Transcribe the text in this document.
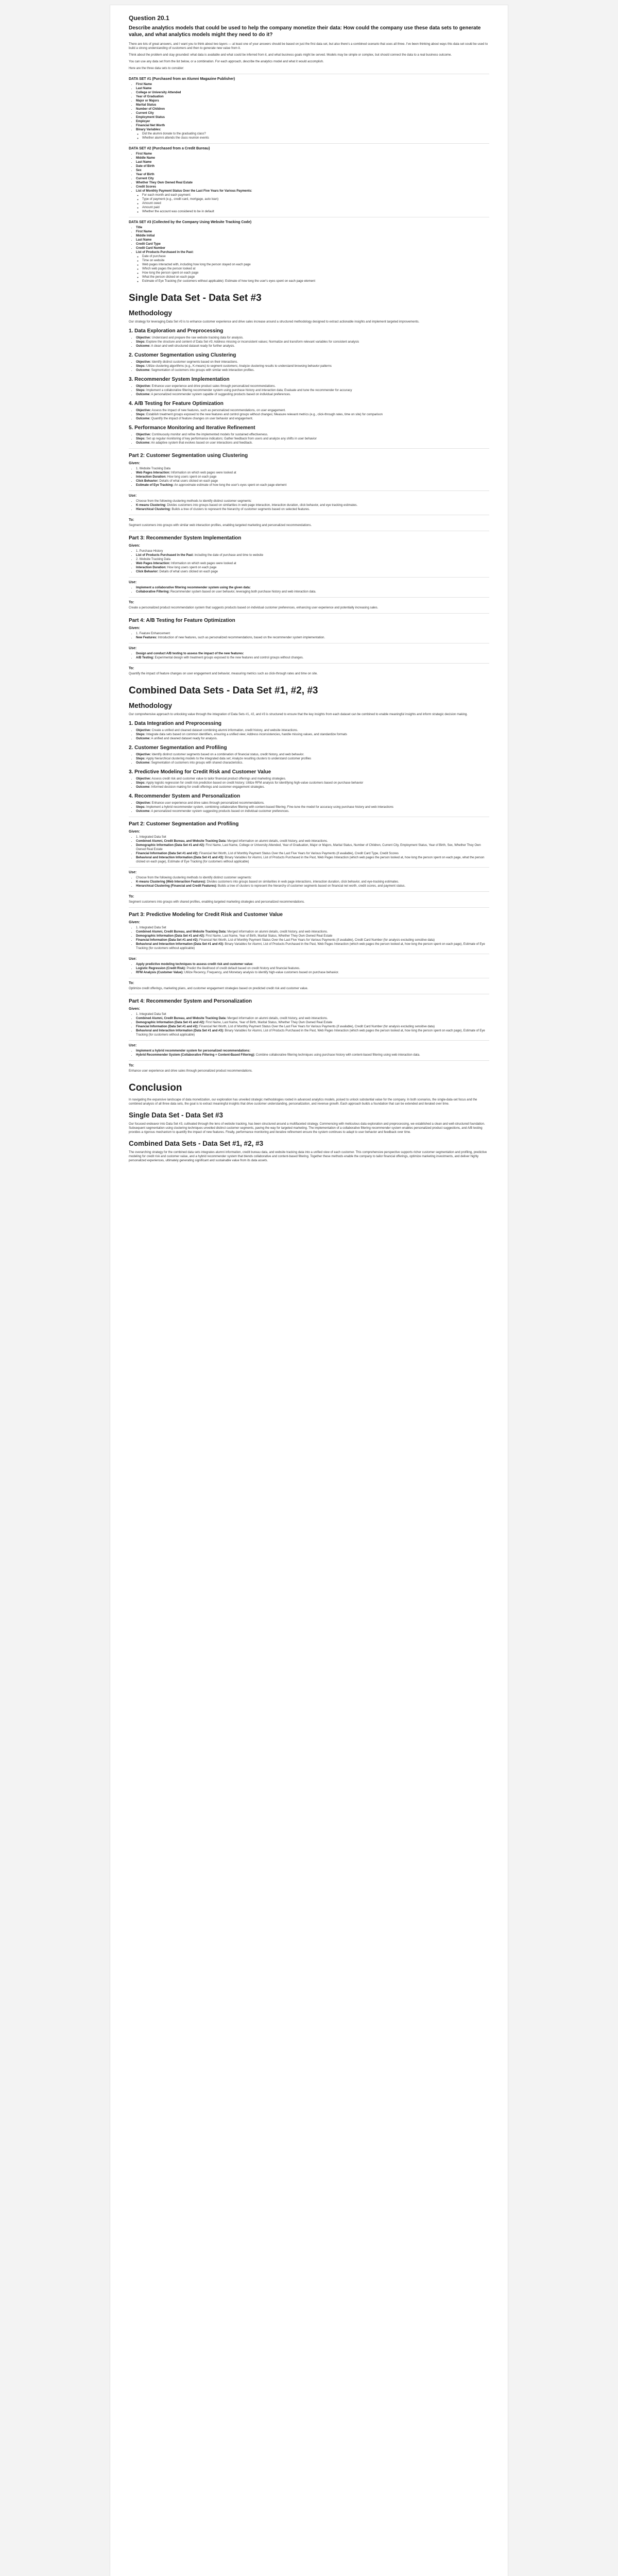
Question 20.1
Describe analytics models that could be used to help the company monetize their data: How could the company use these data sets to generate value, and what analytics models might they need to do it?

There are lots of great answers, and I want you to think about two layers — at least one of your answers should be based on just the first data set, but also there's a combined scenario that uses all three. I've been thinking about ways this data set could be used to build a strong understanding of customers and then to generate new value from it.

Think about the problem and stay grounded: what data is available and what could be inferred from it, and what business goals might be served. Models may be simple or complex, but should connect the data to a real business outcome.

You can use any data set from the list below, or a combination. For each approach, describe the analytics model and what it would accomplish.

Here are the three data sets to consider:

DATA SET #1 (Purchased from an Alumni Magazine Publisher)
• First Name
• Last Name
• College or University Attended
• Year of Graduation
• Major or Majors
• Marital Status
• Number of Children
• Current City
• Employment Status
• Employer
• Financial Net Worth
• Binary Variables:
◦ Did the alumni donate to the graduating class?
◦ Whether alumni attends the class reunion events
DATA SET #2 (Purchased from a Credit Bureau)
• First Name
• Middle Name
• Last Name
• Date of Birth
• Sex
• Year of Birth
• Current City
• Whether They Own Owned Real Estate
• Credit Scores
• List of Monthly Payment Status Over the Last Five Years for Various Payments:
◦ For each month and each payment:
◦ Type of payment (e.g., credit card, mortgage, auto loan)
◦ Amount owed
◦ Amount paid
◦ Whether the account was considered to be in default
DATA SET #3 (Collected by the Company Using Website Tracking Code)
• Title
• First Name
• Middle Initial
• Last Name
• Credit Card Type
• Credit Card Number
• List of Products Purchased in the Past:
◦ Date of purchase
◦ Time on website
◦ Web pages interacted with, including how long the person stayed on each page
◦ Which web pages the person looked at
◦ How long the person spent on each page
◦ What the person clicked on each page
◦ Estimate of Eye Tracking (for customers without applicable): Estimate of how long the user's eyes spent on each page element
Single Data Set - Data Set #3
Methodology

Our strategy for leveraging Data Set #3 is to enhance customer experience and drive sales increase around a structured methodology designed to extract actionable insights and implement targeted improvements.

1. Data Exploration and Preprocessing
• Objective: Understand and prepare the raw website tracking data for analysis.
• Steps: Explore the structure and content of Data Set #3; Address missing or inconsistent values; Normalize and transform relevant variables for consistent analysis
• Outcome: A clean and well-structured dataset ready for further analysis.
2. Customer Segmentation using Clustering
• Objective: Identify distinct customer segments based on their interactions.
• Steps: Utilize clustering algorithms (e.g., K-means) to segment customers; Analyze clustering results to understand browsing behavior patterns
• Outcome: Segmentation of customers into groups with similar web interaction profiles.
3. Recommender System Implementation
• Objective: Enhance user experience and drive product sales through personalized recommendations.
• Steps: Implement a collaborative filtering recommender system using purchase history and interaction data; Evaluate and tune the recommender for accuracy
• Outcome: A personalized recommender system capable of suggesting products based on individual preferences.
4. A/B Testing for Feature Optimization
• Objective: Assess the impact of new features, such as personalized recommendations, on user engagement.
• Steps: Establish treatment groups exposed to the new features and control groups without changes; Measure relevant metrics (e.g., click-through rates, time on site) for comparison
• Outcome: Quantify the impact of feature changes on user behavior and engagement.
5. Performance Monitoring and Iterative Refinement
• Objective: Continuously monitor and refine the implemented models for sustained effectiveness.
• Steps: Set up regular monitoring of key performance indicators; Gather feedback from users and analyze any shifts in user behavior
• Outcome: An adaptive system that evolves based on user interactions and feedback.
Part 2: Customer Segmentation using Clustering
Given:
• 1. Website Tracking Data
• Web Pages Interaction: Information on which web pages were looked at
• Interaction Duration: How long users spent on each page
• Click Behavior: Details of what users clicked on each page
• Estimate of Eye Tracking: An approximate estimate of how long the user's eyes spent on each page element
Use:
• Choose from the following clustering methods to identify distinct customer segments:
• K-means Clustering: Divides customers into groups based on similarities in web page interaction, interaction duration, click behavior, and eye tracking estimates.
• Hierarchical Clustering: Builds a tree of clusters to represent the hierarchy of customer segments based on selected features.
To:

Segment customers into groups with similar web interaction profiles, enabling targeted marketing and personalized recommendations.

Part 3: Recommender System Implementation
Given:
• 1. Purchase History
• List of Products Purchased in the Past: including the date of purchase and time to website
• 2. Website Tracking Data
• Web Pages Interaction: Information on which web pages were looked at
• Interaction Duration: How long users spent on each page
• Click Behavior: Details of what users clicked on each page
Use:
• Implement a collaborative filtering recommender system using the given data:
• Collaborative Filtering: Recommender system based on user behavior, leveraging both purchase history and web interaction data.
To:

Create a personalized product recommendation system that suggests products based on individual customer preferences, enhancing user experience and potentially increasing sales.

Part 4: A/B Testing for Feature Optimization
Given:
• 1. Feature Enhancement
• New Features: Introduction of new features, such as personalized recommendations, based on the recommender system implementation.
Use:
• Design and conduct A/B testing to assess the impact of the new features:
• A/B Testing: Experimental design with treatment groups exposed to the new features and control groups without changes.
To:

Quantify the impact of feature changes on user engagement and behavior, measuring metrics such as click-through rates and time on site.

Combined Data Sets - Data Set #1, #2, #3
Methodology

Our comprehensive approach to unlocking value through the integration of Data Sets #1, #2, and #3 is structured to ensure that the key insights from each dataset can be combined to enable meaningful insights and inform strategic decision making.

1. Data Integration and Preprocessing
• Objective: Create a unified and cleaned dataset combining alumni information, credit history, and website interactions.
• Steps: Integrate data sets based on common identifiers, ensuring a unified view; Address inconsistencies, handle missing values, and standardize formats
• Outcome: A unified and cleaned dataset ready for analysis.
2. Customer Segmentation and Profiling
• Objective: Identify distinct customer segments based on a combination of financial status, credit history, and web behavior.
• Steps: Apply hierarchical clustering models to the integrated data set; Analyze resulting clusters to understand customer profiles
• Outcome: Segmentation of customers into groups with shared characteristics.
3. Predictive Modeling for Credit Risk and Customer Value
• Objective: Assess credit risk and customer value to tailor financial product offerings and marketing strategies.
• Steps: Apply logistic regression for credit risk prediction based on credit history; Utilize RFM analysis for identifying high-value customers based on purchase behavior
• Outcome: Informed decision making for credit offerings and customer engagement strategies.
4. Recommender System and Personalization
• Objective: Enhance user experience and drive sales through personalized recommendations.
• Steps: Implement a hybrid recommender system, combining collaborative filtering with content-based filtering; Fine-tune the model for accuracy using purchase history and web interactions
• Outcome: A personalized recommender system suggesting products based on individual customer preferences.
Part 2: Customer Segmentation and Profiling
Given:
• 1. Integrated Data Set
• Combined Alumni, Credit Bureau, and Website Tracking Data: Merged information on alumni details, credit history, and web interactions.
• Demographic Information (Data Set #1 and #2): First Name, Last Name, College or University Attended, Year of Graduation, Major or Majors, Marital Status, Number of Children, Current City, Employment Status, Year of Birth, Sex, Whether They Own Owned Real Estate
• Financial Information (Data Set #1 and #2): Financial Net Worth, List of Monthly Payment Status Over the Last Five Years for Various Payments (if available), Credit Card Type, Credit Scores
• Behavioral and Interaction Information (Data Set #1 and #3): Binary Variables for Alumni, List of Products Purchased in the Past, Web Pages Interaction (which web pages the person looked at, how long the person spent on each page, what the person clicked on each page), Estimate of Eye Tracking (for customers without applicable)
Use:
• Choose from the following clustering methods to identify distinct customer segments:
• K-means Clustering (Web Interaction Features): Divides customers into groups based on similarities in web page interactions, interaction duration, click behavior, and eye-tracking estimates.
• Hierarchical Clustering (Financial and Credit Features): Builds a tree of clusters to represent the hierarchy of customer segments based on financial net worth, credit scores, and payment status.
To:

Segment customers into groups with shared profiles, enabling targeted marketing strategies and personalized recommendations.

Part 3: Predictive Modeling for Credit Risk and Customer Value
Given:
• 1. Integrated Data Set
• Combined Alumni, Credit Bureau, and Website Tracking Data: Merged information on alumni details, credit history, and web interactions.
• Demographic Information (Data Set #1 and #2): First Name, Last Name, Year of Birth, Marital Status, Whether They Own Owned Real Estate
• Financial Information (Data Set #1 and #2): Financial Net Worth, List of Monthly Payment Status Over the Last Five Years for Various Payments (if available), Credit Card Number (for analysis excluding sensitive data)
• Behavioral and Interaction Information (Data Set #1 and #3): Binary Variables for Alumni, List of Products Purchased in the Past, Web Pages Interaction (which web pages the person looked at, how long the person spent on each page), Estimate of Eye Tracking (for customers without applicable)
Use:
• Apply predictive modeling techniques to assess credit risk and customer value:
• Logistic Regression (Credit Risk): Predict the likelihood of credit default based on credit history and financial features.
• RFM Analysis (Customer Value): Utilize Recency, Frequency, and Monetary analysis to identify high-value customers based on purchase behavior.
To:

Optimize credit offerings, marketing plans, and customer engagement strategies based on predicted credit risk and customer value.

Part 4: Recommender System and Personalization
Given:
• 1. Integrated Data Set
• Combined Alumni, Credit Bureau, and Website Tracking Data: Merged information on alumni details, credit history, and web interactions.
• Demographic Information (Data Set #1 and #2): First Name, Last Name, Year of Birth, Marital Status, Whether They Own Owned Real Estate
• Financial Information (Data Set #1 and #2): Financial Net Worth, List of Monthly Payment Status Over the Last Five Years for Various Payments (if available), Credit Card Number (for analysis excluding sensitive data)
• Behavioral and Interaction Information (Data Set #1 and #3): Binary Variables for Alumni, List of Products Purchased in the Past, Web Pages Interaction (which web pages the person looked at, how long the person spent on each page), Estimate of Eye Tracking (for customers without applicable)
Use:
• Implement a hybrid recommender system for personalized recommendations:
• Hybrid Recommender System (Collaborative Filtering + Content-Based Filtering): Combine collaborative filtering techniques using purchase history with content-based filtering using web interaction data.
To:

Enhance user experience and drive sales through personalized product recommendations.

Conclusion

In navigating the expansive landscape of data monetization, our exploration has unveiled strategic methodologies rooted in advanced analytics models, poised to unlock substantial value for the company. In both scenarios, the single-data-set focus and the combined analysis of all three data sets, the goal is to extract meaningful insights that drive customer understanding, personalization, and revenue growth. Each approach builds a foundation that can be extended and iterated over time.

Single Data Set - Data Set #3

Our focused endeavor into Data Set #3, cultivated through the lens of website tracking, has been structured around a multifaceted strategy. Commencing with meticulous data exploration and preprocessing, we established a clean and well-structured foundation. Subsequent segmentation using clustering techniques unveiled distinct customer segments, paving the way for targeted marketing. The implementation of a collaborative filtering recommender system enables personalized product suggestions, and A/B testing provides a rigorous mechanism to quantify the impact of new features. Finally, performance monitoring and iterative refinement ensure the system continues to adapt to user behavior and feedback over time.

Combined Data Sets - Data Set #1, #2, #3

The overarching strategy for the combined data sets integrates alumni information, credit bureau data, and website tracking data into a unified view of each customer. This comprehensive perspective supports richer customer segmentation and profiling, predictive modeling for credit risk and customer value, and a hybrid recommender system that blends collaborative and content-based filtering. Together these methods enable the company to tailor financial offerings, optimize marketing investments, and deliver highly personalized experiences, ultimately generating significant and sustainable value from its data assets.
